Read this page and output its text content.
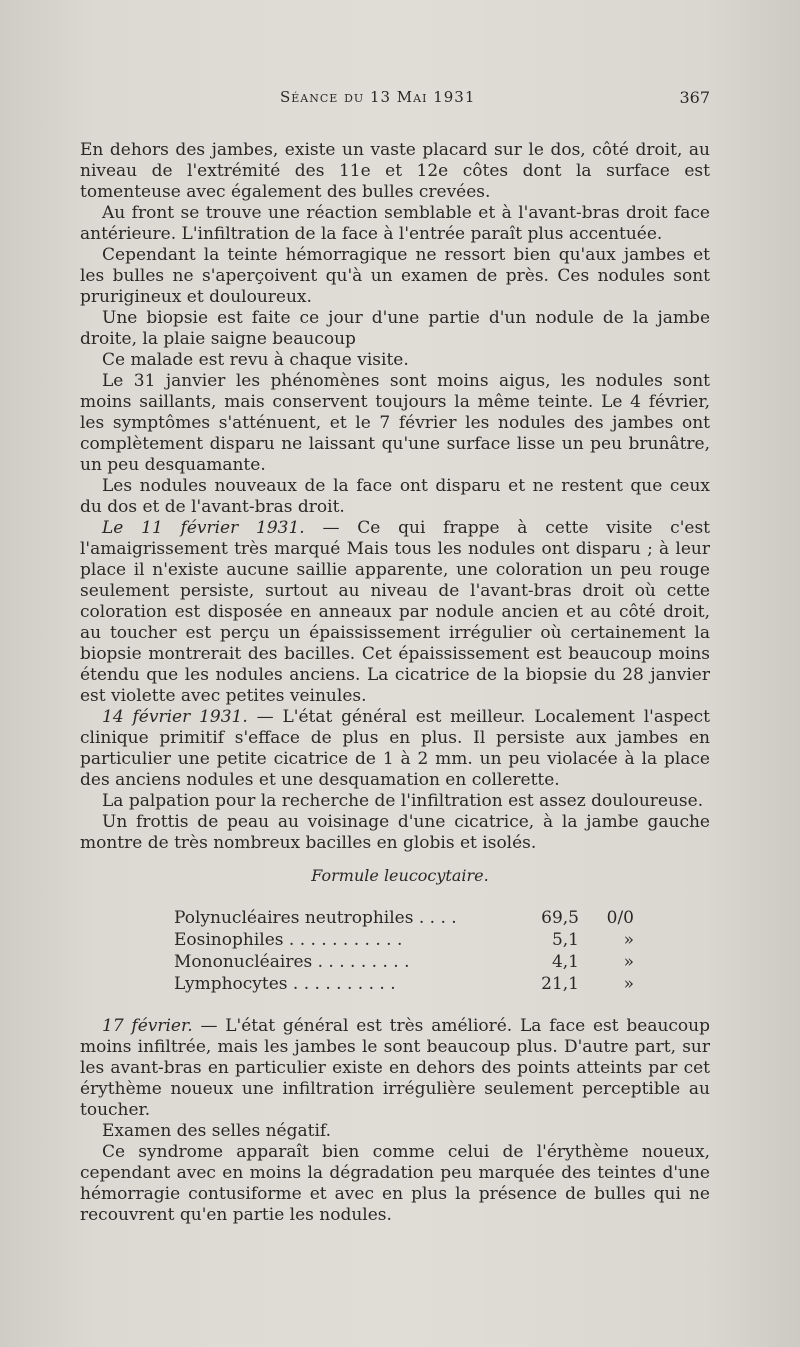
Séance du 13 Mai 1931	367

En dehors des jambes, existe un vaste placard sur le dos, côté droit, au niveau de l'extrémité des 11e et 12e côtes dont la surface est tomenteuse avec également des bulles crevées.

Au front se trouve une réaction semblable et à l'avant-bras droit face antérieure. L'infiltration de la face à l'entrée paraît plus accentuée.

Cependant la teinte hémorragique ne ressort bien qu'aux jambes et les bulles ne s'aperçoivent qu'à un examen de près. Ces nodules sont prurigineux et douloureux.

Une biopsie est faite ce jour d'une partie d'un nodule de la jambe droite, la plaie saigne beaucoup

Ce malade est revu à chaque visite.

Le 31 janvier les phénomènes sont moins aigus, les nodules sont moins saillants, mais conservent toujours la même teinte. Le 4 février, les symptômes s'atténuent, et le 7 février les nodules des jambes ont complètement disparu ne laissant qu'une surface lisse un peu brunâtre, un peu desquamante.

Les nodules nouveaux de la face ont disparu et ne restent que ceux du dos et de l'avant-bras droit.

Le 11 février 1931. — Ce qui frappe à cette visite c'est l'amaigrissement très marqué Mais tous les nodules ont disparu ; à leur place il n'existe aucune saillie apparente, une coloration un peu rouge seulement persiste, surtout au niveau de l'avant-bras droit où cette coloration est disposée en anneaux par nodule ancien et au côté droit, au toucher est perçu un épaississement irrégulier où certainement la biopsie montrerait des bacilles. Cet épaississement est beaucoup moins étendu que les nodules anciens. La cicatrice de la biopsie du 28 janvier est violette avec petites veinules.

14 février 1931. — L'état général est meilleur. Localement l'aspect clinique primitif s'efface de plus en plus. Il persiste aux jambes en particulier une petite cicatrice de 1 à 2 mm. un peu violacée à la place des anciens nodules et une desquamation en collerette.

La palpation pour la recherche de l'infiltration est assez douloureuse.

Un frottis de peau au voisinage d'une cicatrice, à la jambe gauche montre de très nombreux bacilles en globis et isolés.

Formule leucocytaire.
Polynucléaires neutrophiles . . . .	69,5	0/0
Eosinophiles . . . . . . . . . . .	5,1	»
Mononucléaires . . . . . . . . .	4,1	»
Lymphocytes . . . . . . . . . .	21,1	»

17 février. — L'état général est très amélioré. La face est beaucoup moins infiltrée, mais les jambes le sont beaucoup plus. D'autre part, sur les avant-bras en particulier existe en dehors des points atteints par cet érythème noueux une infiltration irrégulière seulement perceptible au toucher.

Examen des selles négatif.

Ce syndrome apparaît bien comme celui de l'érythème noueux, cependant avec en moins la dégradation peu marquée des teintes d'une hémorragie contusiforme et avec en plus la présence de bulles qui ne recouvrent qu'en partie les nodules.
